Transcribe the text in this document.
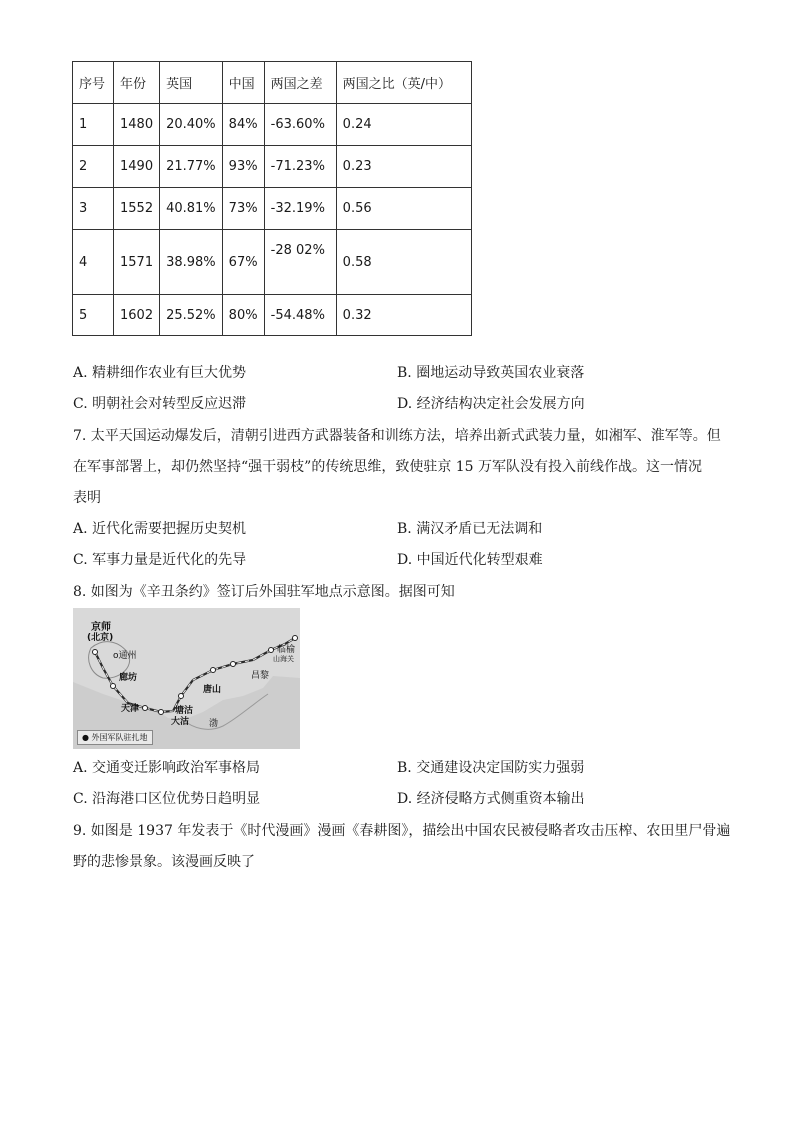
序号	年份	英国	中国	两国之差	两国之比（英/中）
1	1480	20.40%	84%	-63.60%	0.24
2	1490	21.77%	93%	-71.23%	0.23
3	1552	40.81%	73%	-32.19%	0.56
4	1571	38.98%	67%	-28 02%	0.58
5	1602	25.52%	80%	-54.48%	0.32
A. 精耕细作农业有巨大优势	B. 圈地运动导致英国农业衰落
C. 明朝社会对转型反应迟滞	D. 经济结构决定社会发展方向
7. 太平天国运动爆发后，清朝引进西方武器装备和训练方法，培养出新式武装力量，如湘军、淮军等。但
在军事部署上，却仍然坚持“强干弱枝”的传统思维，致使驻京 15 万军队没有投入前线作战。这一情况
表明
A. 近代化需要把握历史契机	B. 满汉矛盾已无法调和
C. 军事力量是近代化的先导	D. 中国近代化转型艰难
8. 如图为《辛丑条约》签订后外国驻军地点示意图。据图可知
京师
(北京)
o通州
廊坊
天津	塘沽
大沽
唐山
昌黎
山海关
临榆
渤
● 外国军队驻扎地
A. 交通变迁影响政治军事格局	B. 交通建设决定国防实力强弱
C. 沿海港口区位优势日趋明显	D. 经济侵略方式侧重资本输出
9. 如图是 1937 年发表于《时代漫画》漫画《春耕图》，描绘出中国农民被侵略者攻击压榨、农田里尸骨遍
野的悲惨景象。该漫画反映了
